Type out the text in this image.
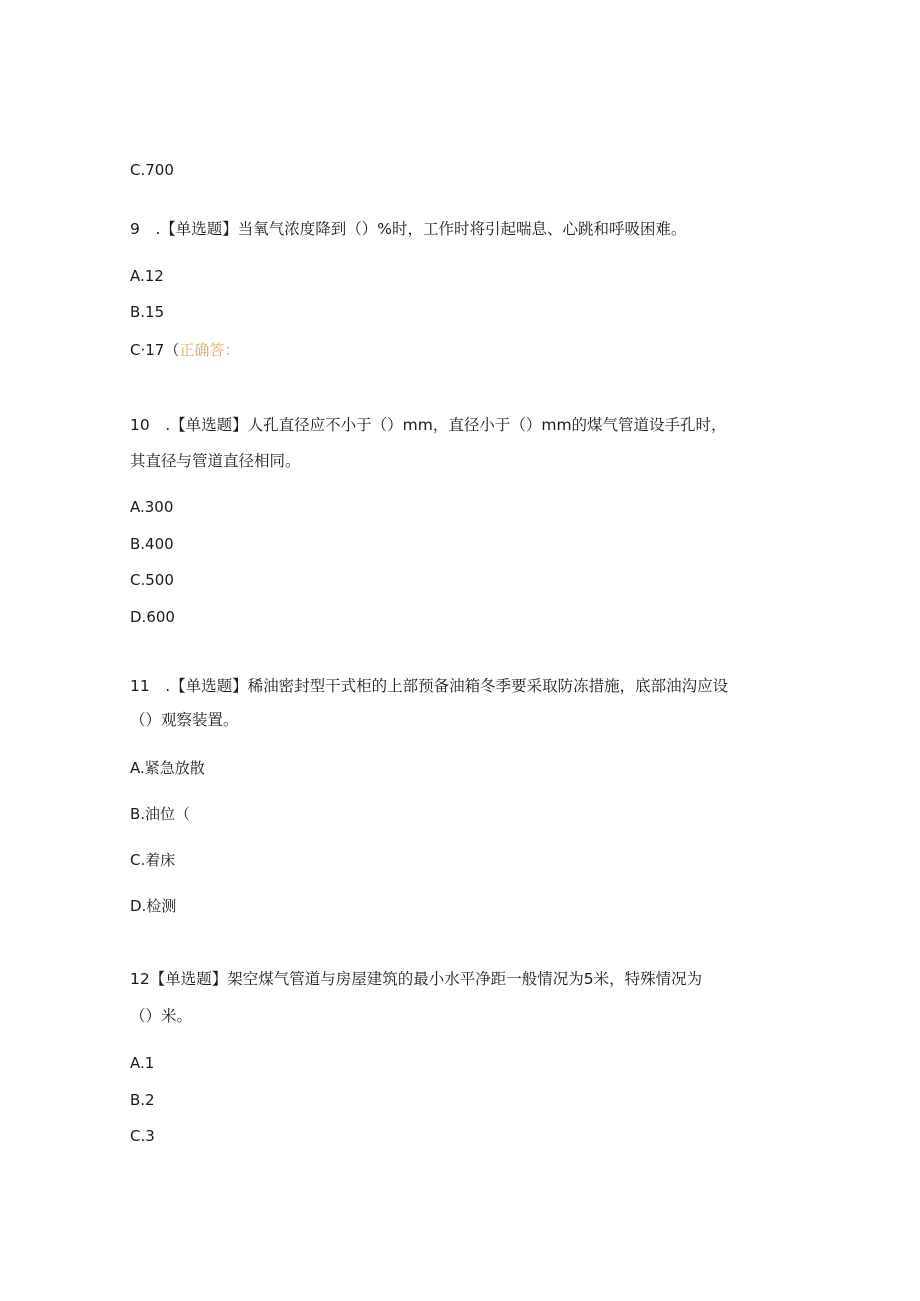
C.700
9　.【单选题】当氧气浓度降到（）%时，工作时将引起喘息、心跳和呼吸困难。
A.12
B.15
C·17（正确答：
10　.【单选题】人孔直径应不小于（）mm，直径小于（）mm的煤气管道设手孔时，
其直径与管道直径相同。
A.300
B.400
C.500
D.600
11　.【单选题】稀油密封型干式柜的上部预备油箱冬季要采取防冻措施，底部油沟应设
（）观察装置。
A.紧急放散
B.油位（
C.着床
D.检测
12【单选题】架空煤气管道与房屋建筑的最小水平净距一般情况为5米，特殊情况为
（）米。
A.1
B.2
C.3
